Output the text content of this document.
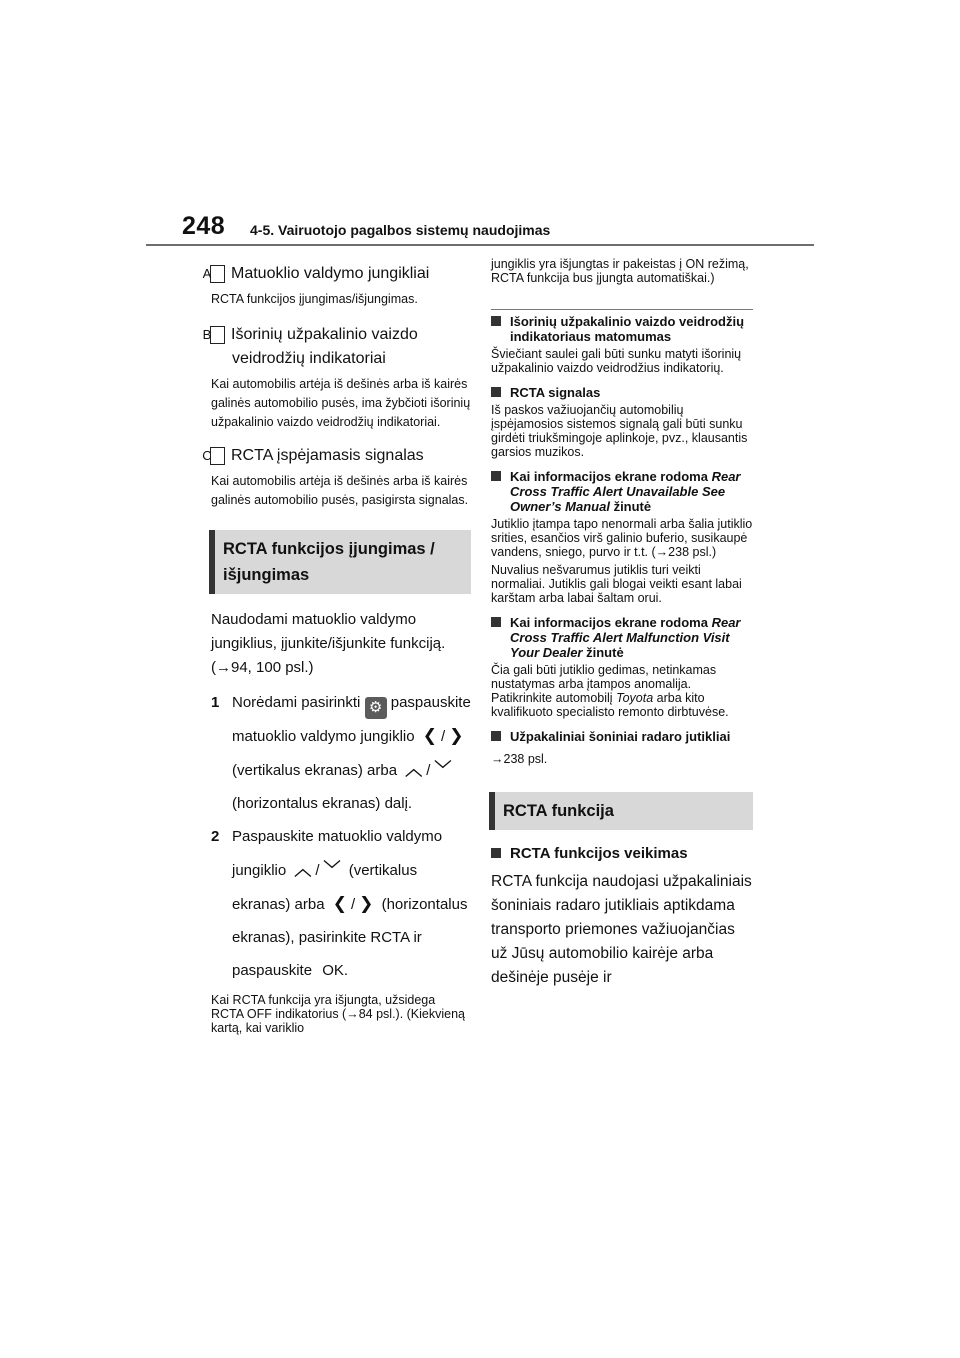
248 4-5. Vairuotojo pagalbos sistemų naudojimas
A Matuoklio valdymo jungikliai

RCTA funkcijos įjungimas/išjungimas.

B Išorinių užpakalinio vaizdo veidrodžių indikatoriai

Kai automobilis artėja iš dešinės arba iš kairės galinės automobilio pusės, ima žybčioti išorinių užpakalinio vaizdo veidrodžių indikatoriai.

C RCTA įspėjamasis signalas

Kai automobilis artėja iš dešinės arba iš kairės galinės automobilio pusės, pasigirsta signalas.

RCTA funkcijos įjungimas / išjungimas

Naudodami matuoklio valdymo jungiklius, įjunkite/išjunkite funkciją. (→94, 100 psl.)

1 Norėdami pasirinkti ⚙ paspauskite matuoklio valdymo jungiklio ❮ / ❯ (vertikalus ekranas) arba ︿ / ﹀ (horizontalus ekranas) dalį.
2 Paspauskite matuoklio valdymo jungiklio ︿ / ﹀ (vertikalus ekranas) arba ❮ / ❯ (horizontalus ekranas), pasirinkite RCTA ir paspauskite OK.

Kai RCTA funkcija yra išjungta, užsidega RCTA OFF indikatorius (→84 psl.). (Kiekvieną kartą, kai variklio

jungiklis yra išjungtas ir pakeistas į ON režimą, RCTA funkcija bus įjungta automatiškai.)

Išorinių užpakalinio vaizdo veidrodžių indikatoriaus matomumas

Šviečiant saulei gali būti sunku matyti išorinių užpakalinio vaizdo veidrodžius indikatorių.

RCTA signalas

Iš paskos važiuojančių automobilių įspėjamosios sistemos signalą gali būti sunku girdėti triukšmingoje aplinkoje, pvz., klausantis garsios muzikos.

Kai informacijos ekrane rodoma Rear Cross Traffic Alert Unavailable See Owner’s Manual žinutė

Jutiklio įtampa tapo nenormali arba šalia jutiklio srities, esančios virš galinio buferio, susikaupė vandens, sniego, purvo ir t.t. (→238 psl.)

Nuvalius nešvarumus jutiklis turi veikti normaliai. Jutiklis gali blogai veikti esant labai karštam arba labai šaltam orui.

Kai informacijos ekrane rodoma Rear Cross Traffic Alert Malfunction Visit Your Dealer žinutė

Čia gali būti jutiklio gedimas, netinkamas nustatymas arba įtampos anomalija. Patikrinkite automobilį Toyota arba kito kvalifikuoto specialisto remonto dirbtuvėse.

Užpakaliniai šoniniai radaro jutikliai

→238 psl.

RCTA funkcija
RCTA funkcijos veikimas

RCTA funkcija naudojasi užpakaliniais šoniniais radaro jutikliais aptikdama transporto priemones važiuojančias už Jūsų automobilio kairėje arba dešinėje pusėje ir
